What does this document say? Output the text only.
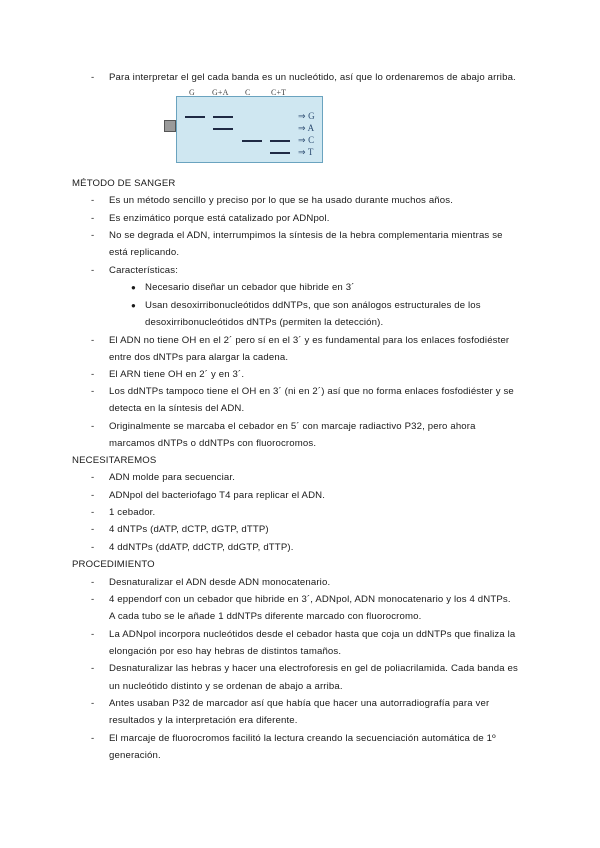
- Para interpretar el gel cada banda es un nucleótido, así que lo ordenaremos de abajo arriba.
G G+A C	C+T
⇒ G
⇒ A
⇒ C
⇒ T
MÉTODO DE SANGER
- Es un método sencillo y preciso por lo que se ha usado durante muchos años.
- Es enzimático porque está catalizado por ADNpol.
- No se degrada el ADN, interrumpimos la síntesis de la hebra complementaria mientras se
está replicando.
- Características:
● Necesario diseñar un cebador que hibride en 3´
● Usan desoxirribonucleótidos ddNTPs, que son análogos estructurales de los
desoxirribonucleótidos dNTPs (permiten la detección).
- El ADN no tiene OH en el 2´ pero sí en el 3´ y es fundamental para los enlaces fosfodiéster
entre dos dNTPs para alargar la cadena.
- El ARN tiene OH en 2´ y en 3´.
- Los ddNTPs tampoco tiene el OH en 3´ (ni en 2´) así que no forma enlaces fosfodiéster y se
detecta en la síntesis del ADN.
- Originalmente se marcaba el cebador en 5´ con marcaje radiactivo P32, pero ahora
marcamos dNTPs o ddNTPs con fluorocromos.
NECESITAREMOS
- ADN molde para secuenciar.
- ADNpol del bacteriofago T4 para replicar el ADN.
- 1 cebador.
- 4 dNTPs (dATP, dCTP, dGTP, dTTP)
- 4 ddNTPs (ddATP, ddCTP, ddGTP, dTTP).
PROCEDIMIENTO
- Desnaturalizar el ADN desde ADN monocatenario.
- 4 eppendorf con un cebador que hibride en 3´, ADNpol, ADN monocatenario y los 4 dNTPs.
A cada tubo se le añade 1 ddNTPs diferente marcado con fluorocromo.
- La ADNpol incorpora nucleótidos desde el cebador hasta que coja un ddNTPs que finaliza la
elongación por eso hay hebras de distintos tamaños.
- Desnaturalizar las hebras y hacer una electroforesis en gel de poliacrilamida. Cada banda es
un nucleótido distinto y se ordenan de abajo a arriba.
- Antes usaban P32 de marcador así que había que hacer una autorradiografía para ver
resultados y la interpretación era diferente.
- El marcaje de fluorocromos facilitó la lectura creando la secuenciación automática de 1º
generación.
